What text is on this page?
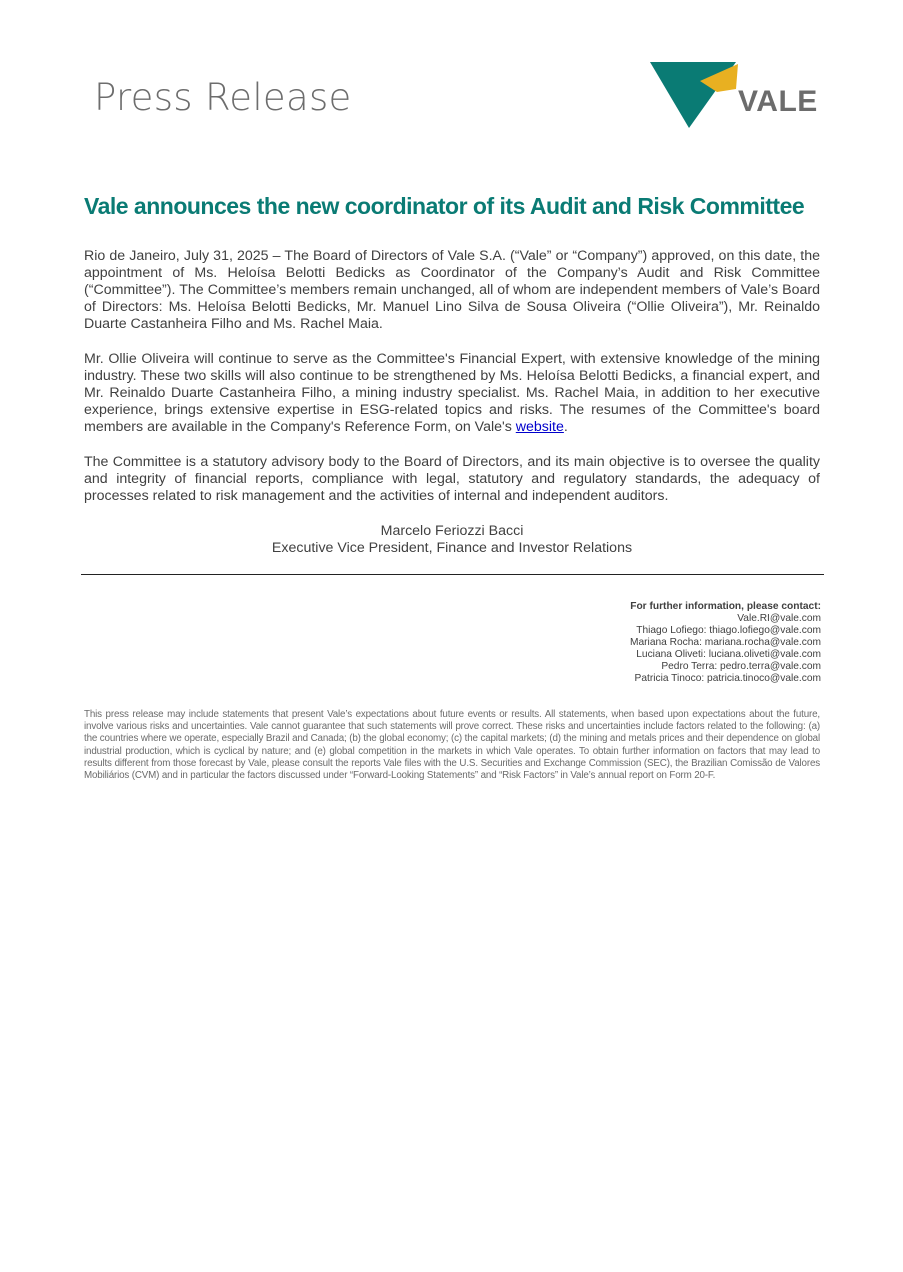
Press Release	VALE
Vale announces the new coordinator of its Audit and Risk Committee

Rio de Janeiro, July 31, 2025 – The Board of Directors of Vale S.A. (“Vale” or “Company”) approved, on this date, the appointment of Ms. Heloísa Belotti Bedicks as Coordinator of the Company’s Audit and Risk Committee (“Committee”). The Committee’s members remain unchanged, all of whom are independent members of Vale’s Board of Directors: Ms. Heloísa Belotti Bedicks, Mr. Manuel Lino Silva de Sousa Oliveira (“Ollie Oliveira”), Mr. Reinaldo Duarte Castanheira Filho and Ms. Rachel Maia.

Mr. Ollie Oliveira will continue to serve as the Committee's Financial Expert, with extensive knowledge of the mining industry. These two skills will also continue to be strengthened by Ms. Heloísa Belotti Bedicks, a financial expert, and Mr. Reinaldo Duarte Castanheira Filho, a mining industry specialist. Ms. Rachel Maia, in addition to her executive experience, brings extensive expertise in ESG-related topics and risks. The resumes of the Committee's board members are available in the Company's Reference Form, on Vale's website.

The Committee is a statutory advisory body to the Board of Directors, and its main objective is to oversee the quality and integrity of financial reports, compliance with legal, statutory and regulatory standards, the adequacy of processes related to risk management and the activities of internal and independent auditors.

Marcelo Feriozzi Bacci
Executive Vice President, Finance and Investor Relations
For further information, please contact:
Vale.RI@vale.com
Thiago Lofiego: thiago.lofiego@vale.com
Mariana Rocha: mariana.rocha@vale.com
Luciana Oliveti: luciana.oliveti@vale.com
Pedro Terra: pedro.terra@vale.com
Patricia Tinoco: patricia.tinoco@vale.com

This press release may include statements that present Vale’s expectations about future events or results. All statements, when based upon expectations about the future, involve various risks and uncertainties. Vale cannot guarantee that such statements will prove correct. These risks and uncertainties include factors related to the following: (a) the countries where we operate, especially Brazil and Canada; (b) the global economy; (c) the capital markets; (d) the mining and metals prices and their dependence on global industrial production, which is cyclical by nature; and (e) global competition in the markets in which Vale operates. To obtain further information on factors that may lead to results different from those forecast by Vale, please consult the reports Vale files with the U.S. Securities and Exchange Commission (SEC), the Brazilian Comissão de Valores Mobiliários (CVM) and in particular the factors discussed under “Forward-Looking Statements” and “Risk Factors” in Vale’s annual report on Form 20-F.
